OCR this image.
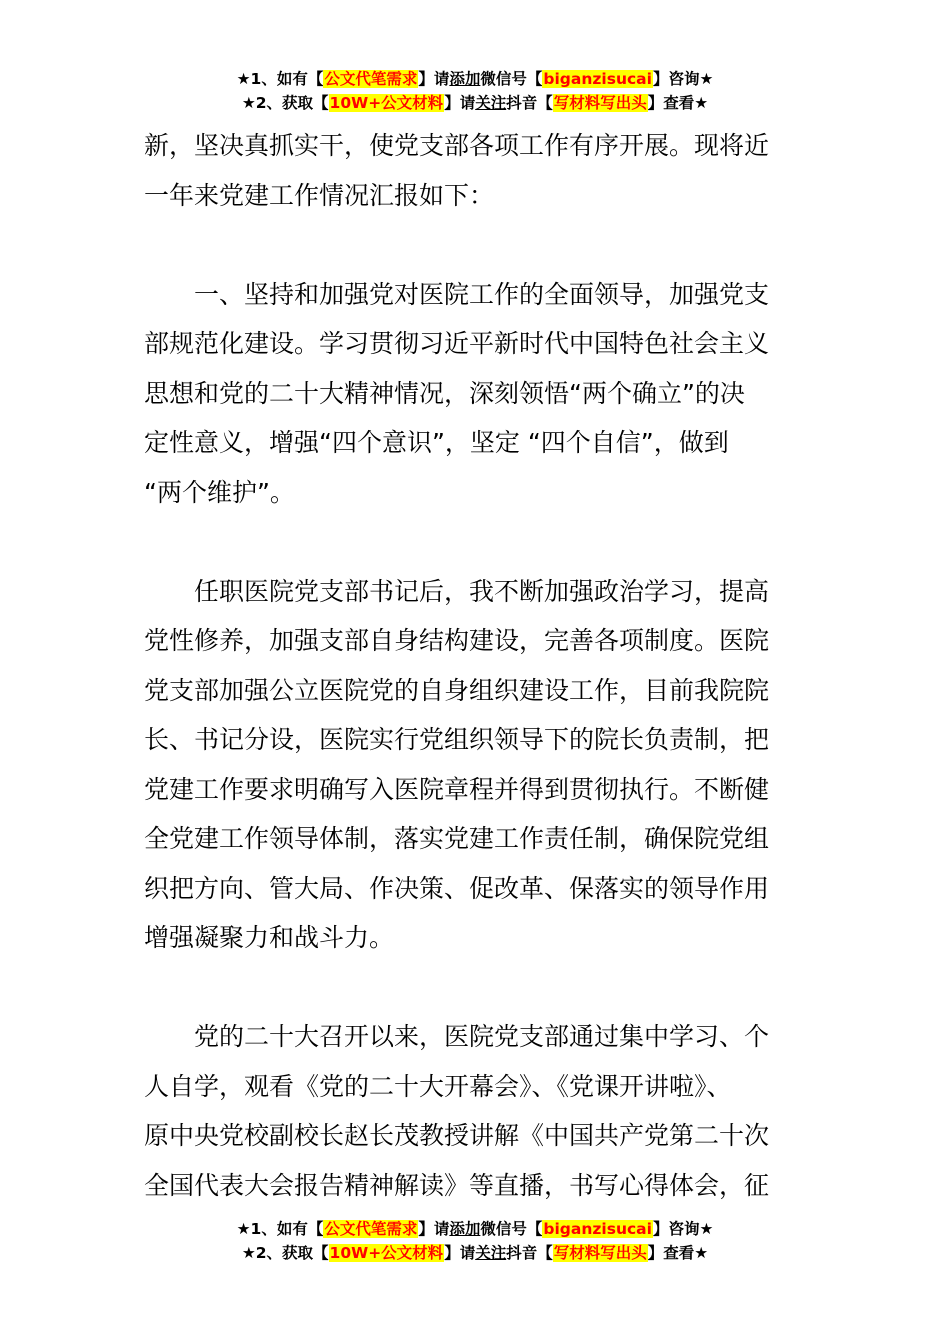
★1、如有【公文代笔需求】请添加微信号【biganzisucai】咨询★
★2、获取【10W+公文材料】请关注抖音【写材料写出头】查看★

新，坚决真抓实干，使党支部各项工作有序开展。现将近
一年来党建工作情况汇报如下：

一、坚持和加强党对医院工作的全面领导，加强党支
部规范化建设。学习贯彻习近平新时代中国特色社会主义
思想和党的二十大精神情况，深刻领悟“两个确立”的决
定性意义，增强“四个意识”，坚定 “四个自信”，做到
“两个维护”。

任职医院党支部书记后，我不断加强政治学习，提高
党性修养，加强支部自身结构建设，完善各项制度。医院
党支部加强公立医院党的自身组织建设工作，目前我院院
长、书记分设，医院实行党组织领导下的院长负责制，把
党建工作要求明确写入医院章程并得到贯彻执行。不断健
全党建工作领导体制，落实党建工作责任制，确保院党组
织把方向、管大局、作决策、促改革、保落实的领导作用
增强凝聚力和战斗力。

党的二十大召开以来，医院党支部通过集中学习、个
人自学，观看《党的二十大开幕会》、《党课开讲啦》、
原中央党校副校长赵长茂教授讲解《中国共产党第二十次
全国代表大会报告精神解读》等直播，书写心得体会，征

★1、如有【公文代笔需求】请添加微信号【biganzisucai】咨询★
★2、获取【10W+公文材料】请关注抖音【写材料写出头】查看★
